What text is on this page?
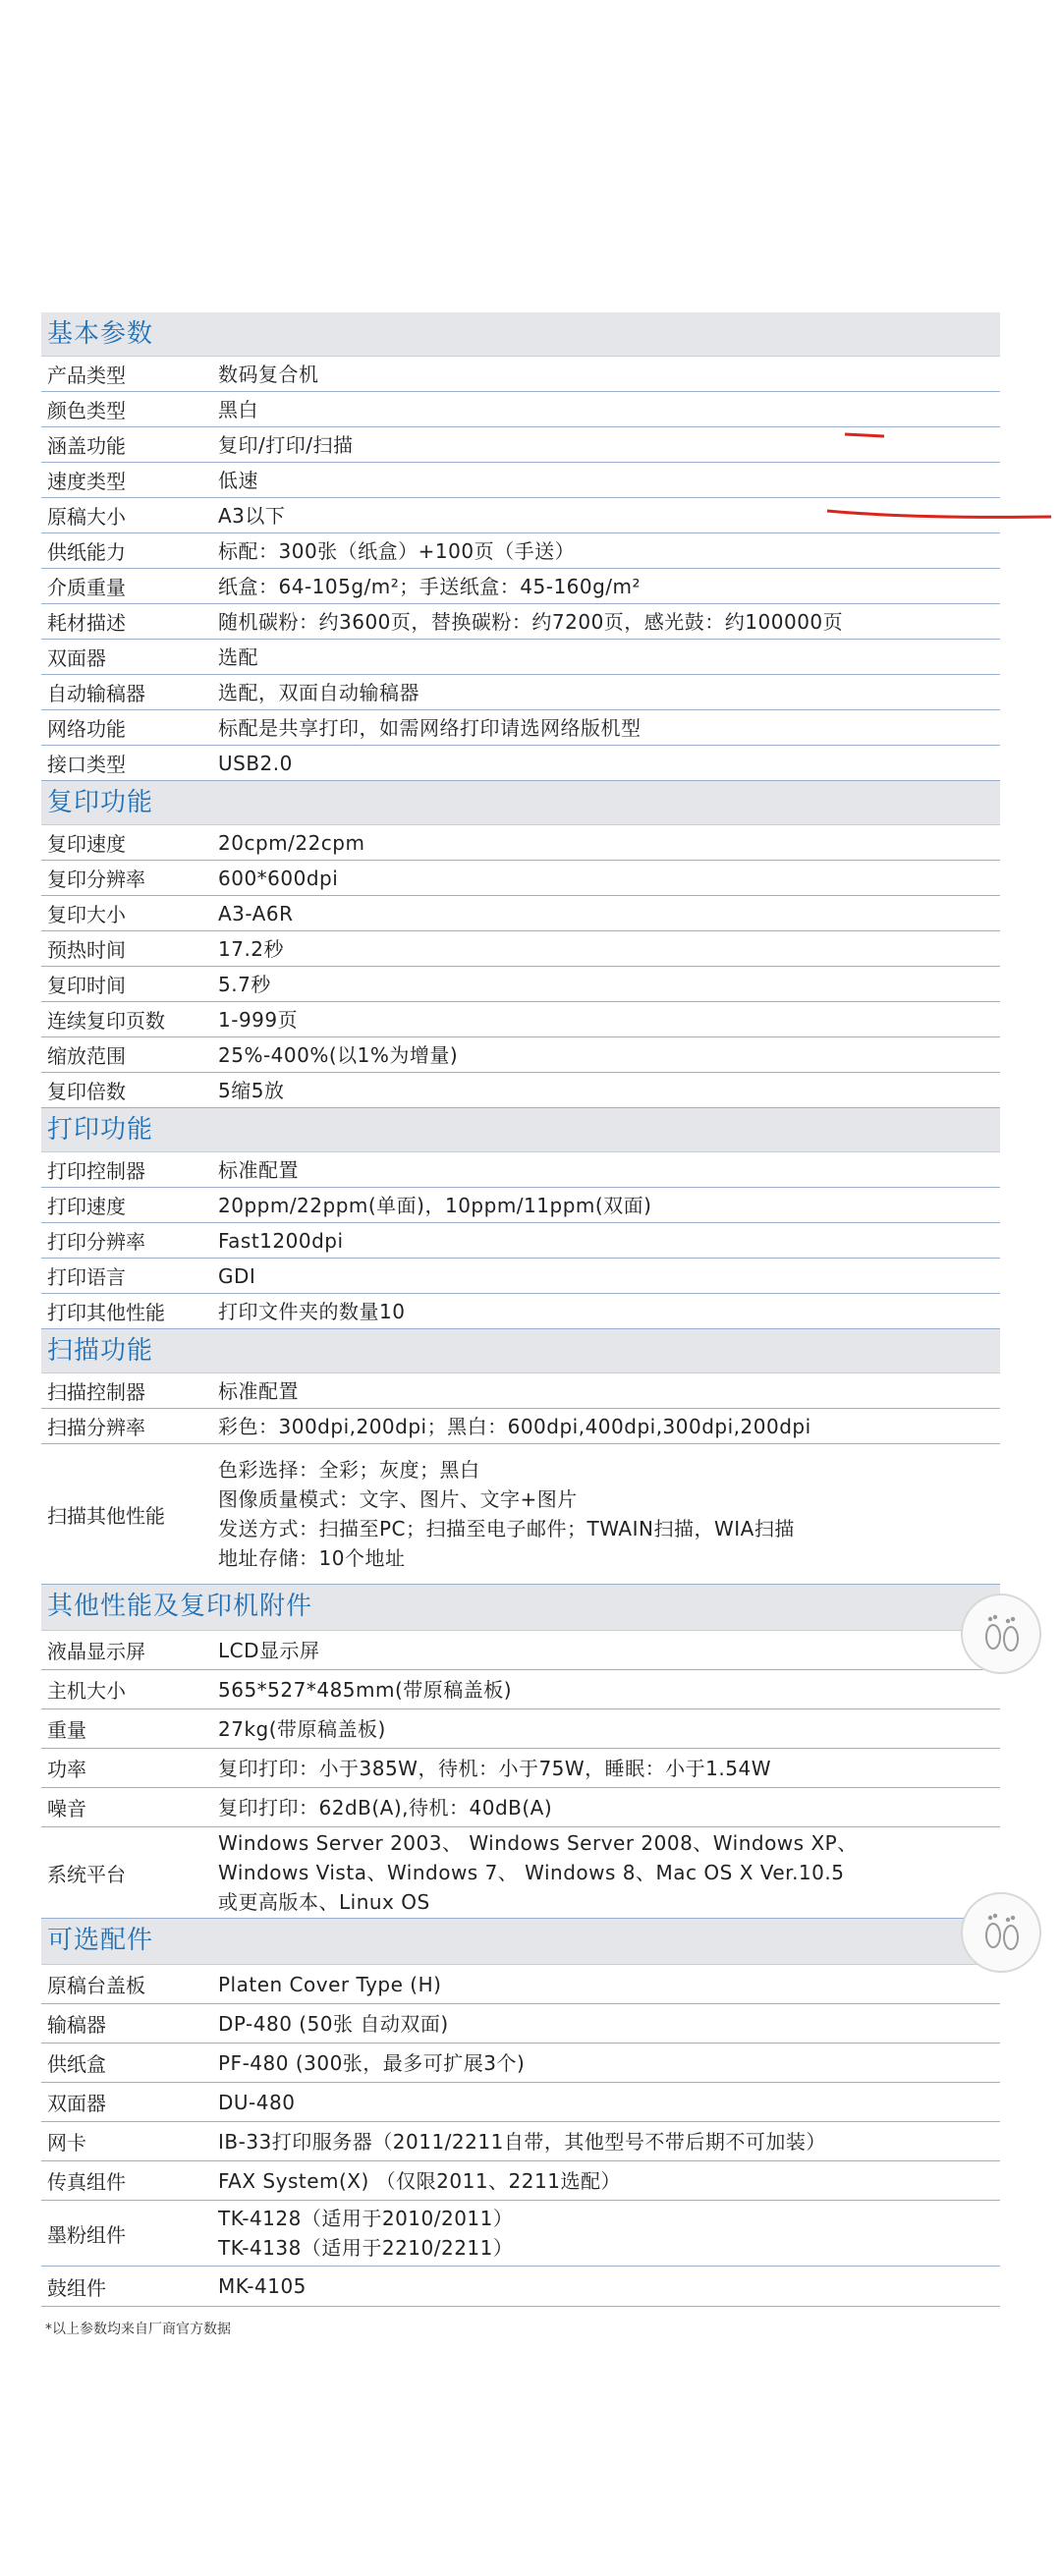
基本参数
产品类型	数码复合机
颜色类型	黑白
涵盖功能	复印/打印/扫描
速度类型	低速
原稿大小	A3以下
供纸能力	标配：300张（纸盒）+100页（手送）
介质重量	纸盒：64-105g/m²；手送纸盒：45-160g/m²
耗材描述	随机碳粉：约3600页，替换碳粉：约7200页，感光鼓：约100000页
双面器	选配
自动输稿器	选配，双面自动输稿器
网络功能	标配是共享打印，如需网络打印请选网络版机型
接口类型	USB2.0
复印功能
复印速度	20cpm/22cpm
复印分辨率	600*600dpi
复印大小	A3-A6R
预热时间	17.2秒
复印时间	5.7秒
连续复印页数	1-999页
缩放范围	25%-400%(以1%为增量)
复印倍数	5缩5放
打印功能
打印控制器	标准配置
打印速度	20ppm/22ppm(单面)，10ppm/11ppm(双面)
打印分辨率	Fast1200dpi
打印语言	GDI
打印其他性能	打印文件夹的数量10
扫描功能
扫描控制器	标准配置
扫描分辨率	彩色：300dpi,200dpi；黑白：600dpi,400dpi,300dpi,200dpi
扫描其他性能
色彩选择：全彩；灰度；黑白
图像质量模式：文字、图片、文字+图片
发送方式：扫描至PC；扫描至电子邮件；TWAIN扫描，WIA扫描
地址存储：10个地址
其他性能及复印机附件
液晶显示屏	LCD显示屏
主机大小	565*527*485mm(带原稿盖板)
重量	27kg(带原稿盖板)
功率	复印打印：小于385W，待机：小于75W，睡眠：小于1.54W
噪音	复印打印：62dB(A),待机：40dB(A)
系统平台
Windows Server 2003、 Windows Server 2008、Windows XP、
Windows Vista、Windows 7、 Windows 8、Mac OS X Ver.10.5
或更高版本、Linux OS
可选配件
原稿台盖板	Platen Cover Type (H)
输稿器	DP-480 (50张 自动双面)
供纸盒	PF-480 (300张，最多可扩展3个)
双面器	DU-480
网卡	IB-33打印服务器（2011/2211自带，其他型号不带后期不可加装）
传真组件	FAX System(X) （仅限2011、2211选配）
墨粉组件
TK-4128（适用于2010/2011）
TK-4138（适用于2210/2211）
鼓组件	MK-4105
*以上参数均来自厂商官方数据
